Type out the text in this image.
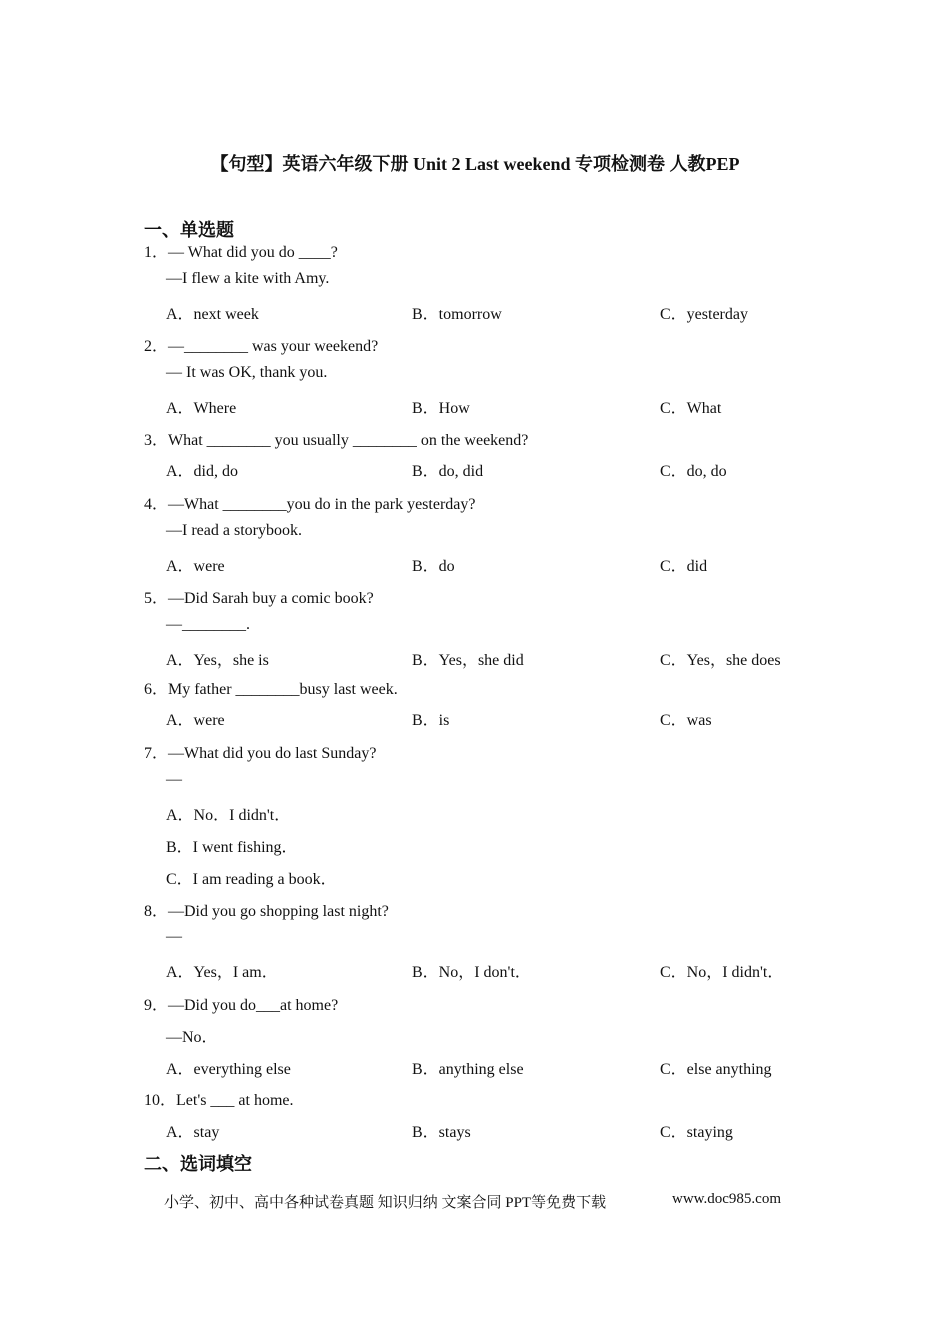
【句型】英语六年级下册 Unit 2 Last weekend 专项检测卷 人教PEP
一、单选题
1．— What did you do ____?
—I flew a kite with Amy.
A．next week	B．tomorrow	C．yesterday
2．—________ was your weekend?
— It was OK, thank you.
A．Where	B．How	C．What
3．What ________ you usually ________ on the weekend?
A．did, do	B．do, did	C．do, do
4．—What ________you do in the park yesterday?
—I read a storybook.
A．were	B．do	C．did
5．—Did Sarah buy a comic book?
—________.
A．Yes，she is	B．Yes，she did	C．Yes，she does
6．My father ________busy last week.
A．were	B．is	C．was
7．—What did you do last Sunday?
—
A．No．I didn't．
B．I went fishing．
C．I am reading a book．
8．—Did you go shopping last night?
—
A．Yes，I am．	B．No，I don't．	C．No，I didn't．
9．—Did you do___at home?
—No．
A．everything else	B．anything else	C．else anything
10．Let's ___ at home.
A．stay	B．stays	C．staying
二、选词填空
小学、初中、高中各种试卷真题 知识归纳 文案合同 PPT等免费下载	www.doc985.com
